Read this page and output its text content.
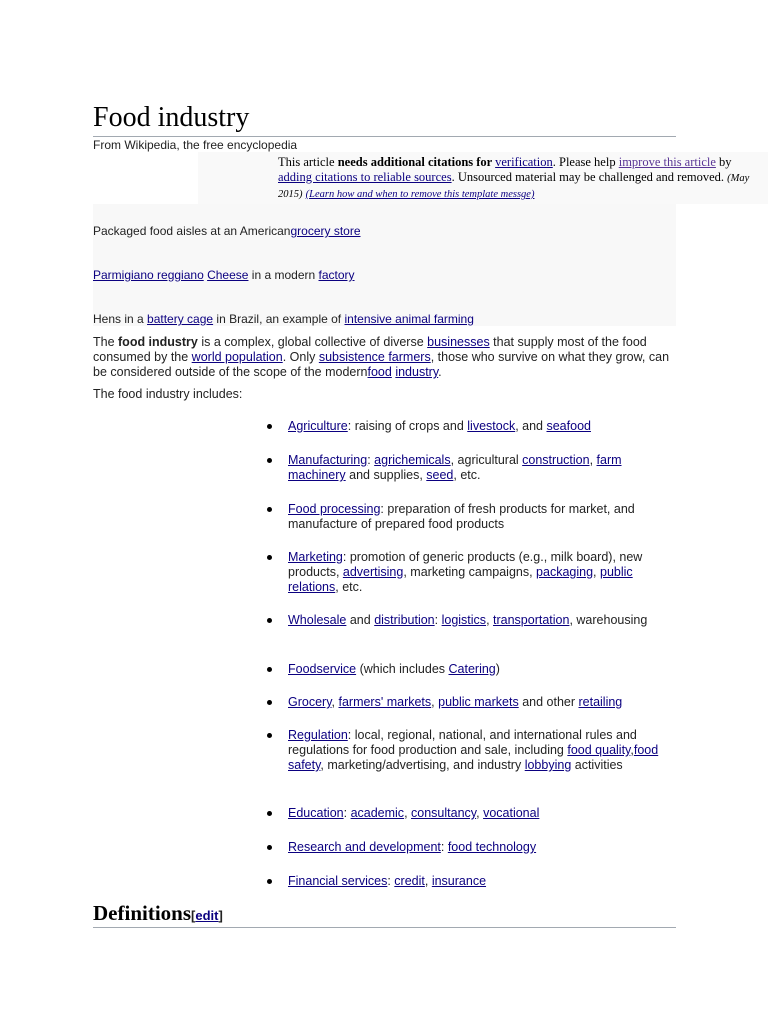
Food industry
From Wikipedia, the free encyclopedia
This article needs additional citations for verification. Please help improve this article by adding citations to reliable sources. Unsourced material may be challenged and removed. (May 2015) (Learn how and when to remove this template messge)
Packaged food aisles at an Americangrocery store
Parmigiano reggiano Cheese in a modern factory
Hens in a battery cage in Brazil, an example of intensive animal farming
The food industry is a complex, global collective of diverse businesses that supply most of the food consumed by the world population. Only subsistence farmers, those who survive on what they grow, can be considered outside of the scope of the modernfood industry.
The food industry includes:
Agriculture: raising of crops and livestock, and seafood
Manufacturing: agrichemicals, agricultural construction, farm machinery and supplies, seed, etc.
Food processing: preparation of fresh products for market, and manufacture of prepared food products
Marketing: promotion of generic products (e.g., milk board), new products, advertising, marketing campaigns, packaging, public relations, etc.
Wholesale and distribution: logistics, transportation, warehousing
Foodservice (which includes Catering)
Grocery, farmers' markets, public markets and other retailing
Regulation: local, regional, national, and international rules and regulations for food production and sale, including food quality,food safety, marketing/advertising, and industry lobbying activities
Education: academic, consultancy, vocational
Research and development: food technology
Financial services: credit, insurance
Definitions[edit]
